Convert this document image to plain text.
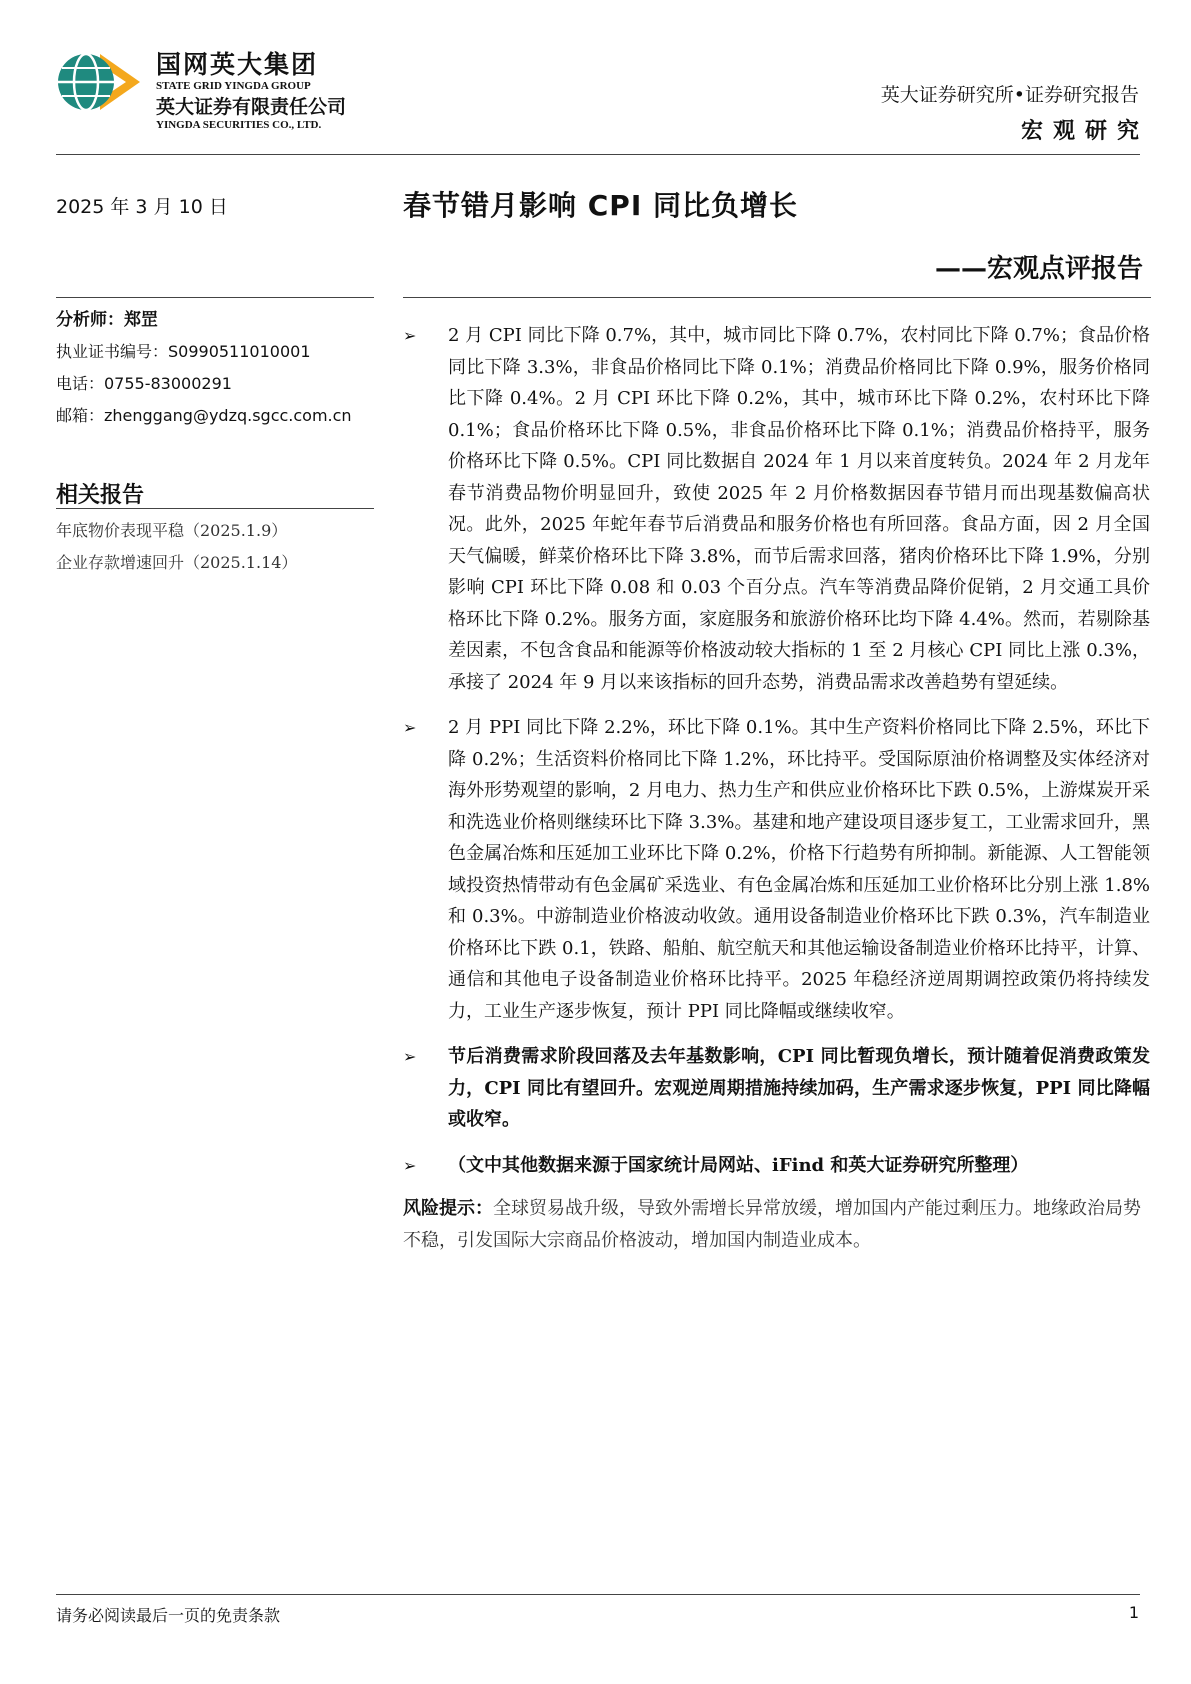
国网英大集团
STATE GRID YINGDA GROUP
英大证券有限责任公司
YINGDA SECURITIES CO., LTD.
英大证券研究所•证券研究报告
宏观研究
2025 年 3 月 10 日	春节错月影响 CPI 同比负增长
——宏观点评报告
分析师：郑罡
执业证书编号：S0990511010001
电话：0755-83000291
邮箱：zhenggang@ydzq.sgcc.com.cn
相关报告
年底物价表现平稳（2025.1.9）
企业存款增速回升（2025.1.14）
➢ 2 月 CPI 同比下降 0.7%，其中，城市同比下降 0.7%，农村同比下降 0.7%；食品价格同比下降 3.3%，非食品价格同比下降 0.1%；消费品价格同比下降 0.9%，服务价格同比下降 0.4%。2 月 CPI 环比下降 0.2%，其中，城市环比下降 0.2%，农村环比下降 0.1%；食品价格环比下降 0.5%，非食品价格环比下降 0.1%；消费品价格持平，服务价格环比下降 0.5%。CPI 同比数据自 2024 年 1 月以来首度转负。2024 年 2 月龙年春节消费品物价明显回升，致使 2025 年 2 月价格数据因春节错月而出现基数偏高状况。此外，2025 年蛇年春节后消费品和服务价格也有所回落。食品方面，因 2 月全国天气偏暖，鲜菜价格环比下降 3.8%，而节后需求回落，猪肉价格环比下降 1.9%，分别影响 CPI 环比下降 0.08 和 0.03 个百分点。汽车等消费品降价促销，2 月交通工具价格环比下降 0.2%。服务方面，家庭服务和旅游价格环比均下降 4.4%。然而，若剔除基差因素，不包含食品和能源等价格波动较大指标的 1 至 2 月核心 CPI 同比上涨 0.3%，承接了 2024 年 9 月以来该指标的回升态势，消费品需求改善趋势有望延续。
➢ 2 月 PPI 同比下降 2.2%，环比下降 0.1%。其中生产资料价格同比下降 2.5%，环比下降 0.2%；生活资料价格同比下降 1.2%，环比持平。受国际原油价格调整及实体经济对海外形势观望的影响，2 月电力、热力生产和供应业价格环比下跌 0.5%，上游煤炭开采和洗选业价格则继续环比下降 3.3%。基建和地产建设项目逐步复工，工业需求回升，黑色金属冶炼和压延加工业环比下降 0.2%，价格下行趋势有所抑制。新能源、人工智能领域投资热情带动有色金属矿采选业、有色金属冶炼和压延加工业价格环比分别上涨 1.8%和 0.3%。中游制造业价格波动收敛。通用设备制造业价格环比下跌 0.3%，汽车制造业价格环比下跌 0.1，铁路、船舶、航空航天和其他运输设备制造业价格环比持平，计算、通信和其他电子设备制造业价格环比持平。2025 年稳经济逆周期调控政策仍将持续发力，工业生产逐步恢复，预计 PPI 同比降幅或继续收窄。
➢ 节后消费需求阶段回落及去年基数影响，CPI 同比暂现负增长，预计随着促消费政策发力，CPI 同比有望回升。宏观逆周期措施持续加码，生产需求逐步恢复，PPI 同比降幅或收窄。
➢ （文中其他数据来源于国家统计局网站、iFind 和英大证券研究所整理）
风险提示：全球贸易战升级，导致外需增长异常放缓，增加国内产能过剩压力。地缘政治局势不稳，引发国际大宗商品价格波动，增加国内制造业成本。
请务必阅读最后一页的免责条款	1
